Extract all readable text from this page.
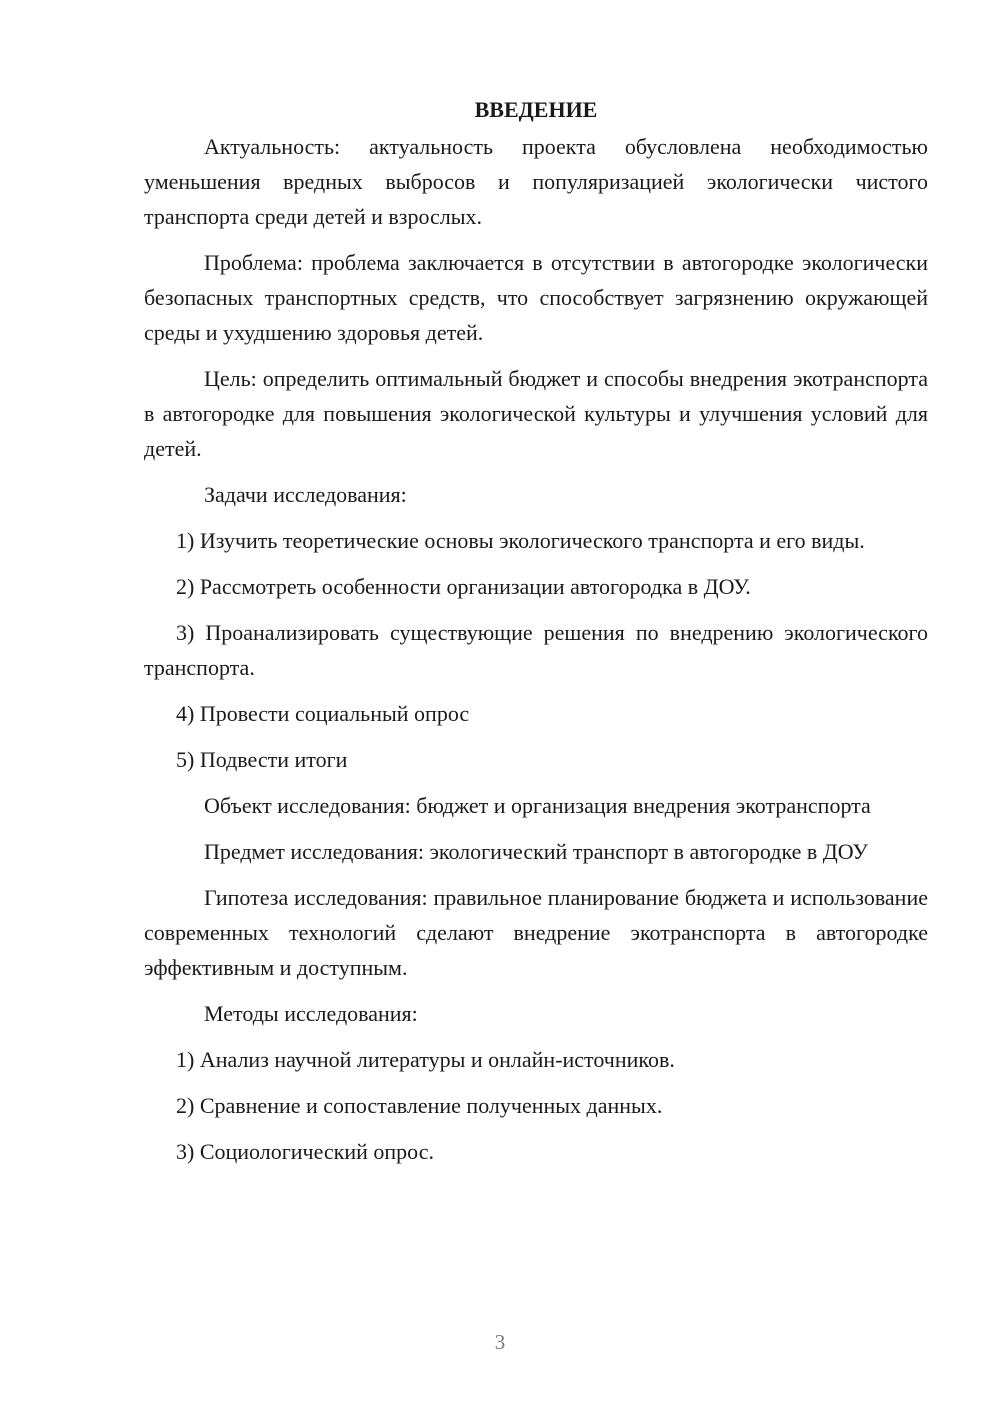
ВВЕДЕНИЕ
Актуальность: актуальность проекта обусловлена необходимостью уменьшения вредных выбросов и популяризацией экологически чистого транспорта среди детей и взрослых.
Проблема: проблема заключается в отсутствии в автогородке экологически безопасных транспортных средств, что способствует загрязнению окружающей среды и ухудшению здоровья детей.
Цель: определить оптимальный бюджет и способы внедрения экотранспорта в автогородке для повышения экологической культуры и улучшения условий для детей.
Задачи исследования:
1) Изучить теоретические основы экологического транспорта и его виды.
2) Рассмотреть особенности организации автогородка в ДОУ.
3) Проанализировать существующие решения по внедрению экологического транспорта.
4) Провести социальный опрос
5) Подвести итоги
Объект исследования: бюджет и организация внедрения экотранспорта
Предмет исследования: экологический транспорт в автогородке в ДОУ
Гипотеза исследования: правильное планирование бюджета и использование современных технологий сделают внедрение экотранспорта в автогородке эффективным и доступным.
Методы исследования:
1) Анализ научной литературы и онлайн-источников.
2) Сравнение и сопоставление полученных данных.
3) Социологический опрос.
3
